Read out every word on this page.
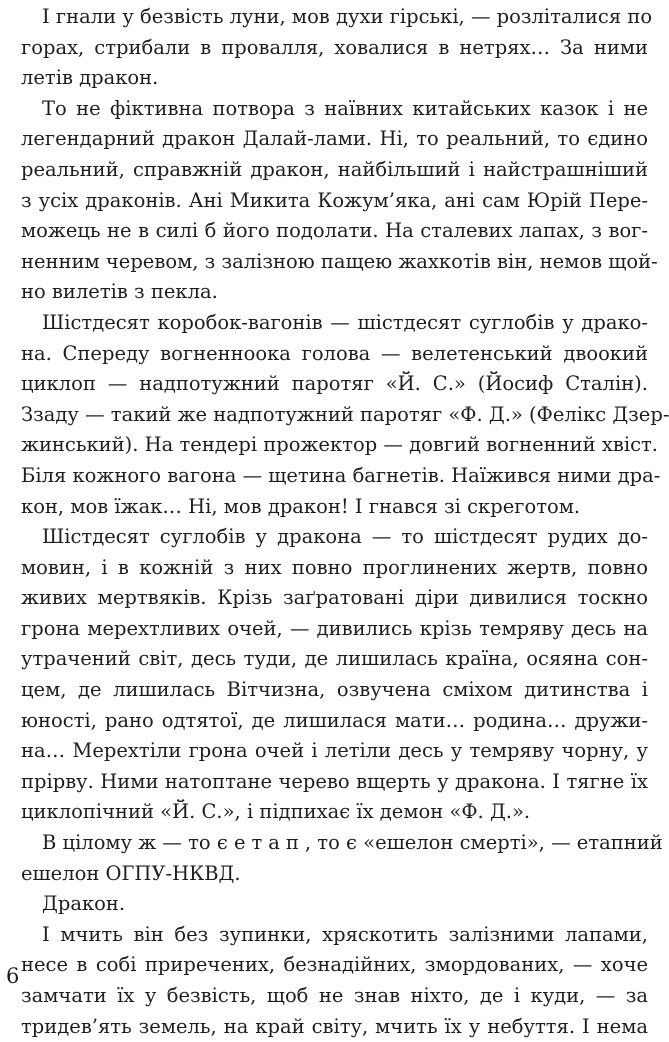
І гнали у безвість луни, мов духи гірські, — розліталися по
горах, стрибали в провалля, ховалися в нетрях… За ними
летів дракон.
То не фіктивна потвора з наївних китайських казок і не
легендарний дракон Далай-лами. Ні, то реальний, то єдино
реальний, справжній дракон, найбільший і найстрашніший
з усіх драконів. Ані Микита Кожум’яка, ані сам Юрій Пере-
можець не в силі б його подолати. На сталевих лапах, з вог-
ненним черевом, з залізною пащею жахкотів він, немов щой-
но вилетів з пекла.
Шістдесят коробок-вагонів — шістдесят суглобів у драко-
на. Спереду вогненноока голова — велетенський двоокий
циклоп — надпотужний паротяг «Й. С.» (Йосиф Сталін).
Ззаду — такий же надпотужний паротяг «Ф. Д.» (Фелікс Дзер-
жинський). На тендері прожектор — довгий вогненний хвіст.
Біля кожного вагона — щетина багнетів. Наїжився ними дра-
кон, мов їжак… Ні, мов дракон! І гнався зі скреготом.
Шістдесят суглобів у дракона — то шістдесят рудих до-
мовин, і в кожній з них повно проглинених жертв, повно
живих мертвяків. Крізь заґратовані діри дивилися тоскно
грона мерехтливих очей, — дивились крізь темряву десь на
утрачений світ, десь туди, де лишилась країна, осяяна сон-
цем, де лишилась Вітчизна, озвучена сміхом дитинства і
юності, рано одтятої, де лишилася мати… родина… дружи-
на… Мерехтіли грона очей і летіли десь у темряву чорну, у
прірву. Ними натоптане черево вщерть у дракона. І тягне їх
циклопічний «Й. С.», і підпихає їх демон «Ф. Д.».
В цілому ж — то є етап, то є «ешелон смерті», — етапний
ешелон ОГПУ-НКВД.
Дракон.
І мчить він без зупинки, хряскотить залізними лапами,
несе в собі приречених, безнадійних, змордованих, — хоче
замчати їх у безвість, щоб не знав ніхто, де і куди, — за
тридев’ять земель, на край світу, мчить їх у небуття. І нема
6
